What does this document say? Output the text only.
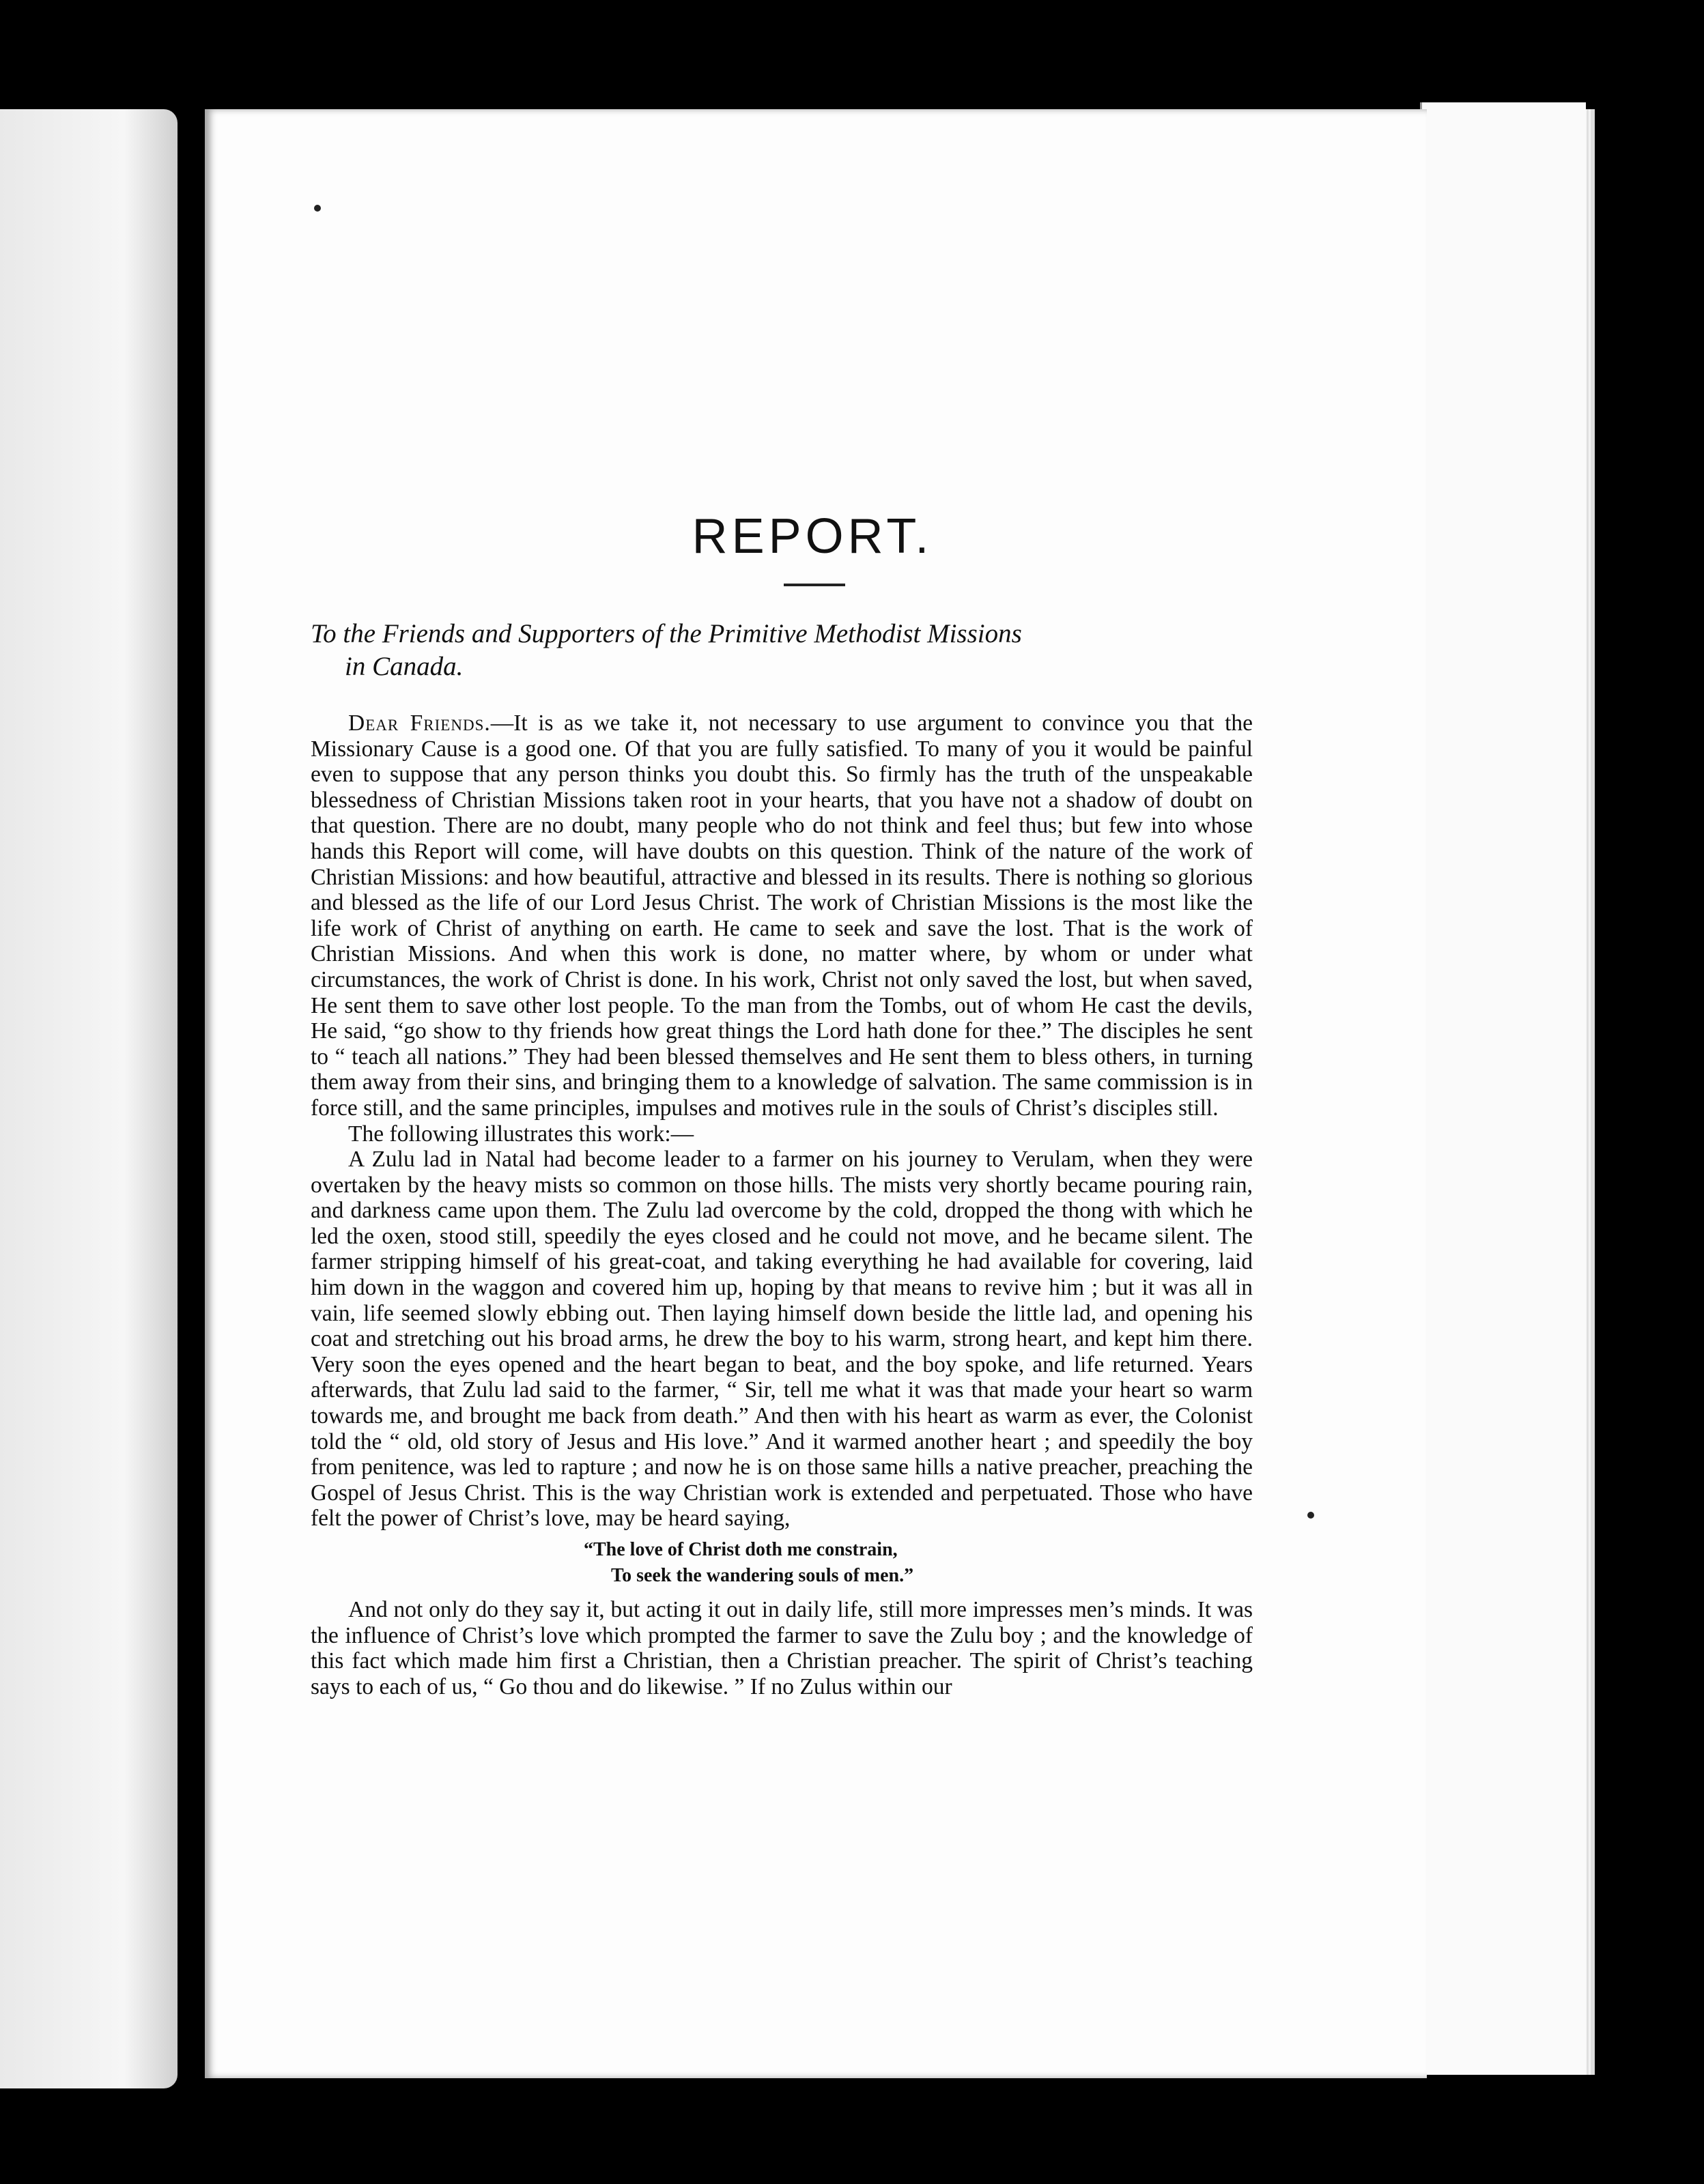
REPORT.

To the Friends and Supporters of the Primitive Methodist Missions
in Canada.

Dear Friends.—It is as we take it, not necessary to use argument to convince you that the Missionary Cause is a good one. Of that you are fully satisfied. To many of you it would be painful even to suppose that any person thinks you doubt this. So firmly has the truth of the unspeakable blessedness of Christian Missions taken root in your hearts, that you have not a shadow of doubt on that question. There are no doubt, many people who do not think and feel thus; but few into whose hands this Report will come, will have doubts on this question. Think of the nature of the work of Christian Missions: and how beautiful, attractive and blessed in its results. There is nothing so glorious and blessed as the life of our Lord Jesus Christ. The work of Christian Missions is the most like the life work of Christ of anything on earth. He came to seek and save the lost. That is the work of Christian Missions. And when this work is done, no matter where, by whom or under what circumstances, the work of Christ is done. In his work, Christ not only saved the lost, but when saved, He sent them to save other lost people. To the man from the Tombs, out of whom He cast the devils, He said, “go show to thy friends how great things the Lord hath done for thee.” The disciples he sent to “ teach all nations.” They had been blessed themselves and He sent them to bless others, in turning them away from their sins, and bringing them to a knowledge of salvation. The same commission is in force still, and the same principles, impulses and motives rule in the souls of Christ’s disciples still.

The following illustrates this work:—

A Zulu lad in Natal had become leader to a farmer on his journey to Verulam, when they were overtaken by the heavy mists so common on those hills. The mists very shortly became pouring rain, and darkness came upon them. The Zulu lad overcome by the cold, dropped the thong with which he led the oxen, stood still, speedily the eyes closed and he could not move, and he became silent. The farmer stripping himself of his great-coat, and taking everything he had available for covering, laid him down in the waggon and covered him up, hoping by that means to revive him ; but it was all in vain, life seemed slowly ebbing out. Then laying himself down beside the little lad, and opening his coat and stretching out his broad arms, he drew the boy to his warm, strong heart, and kept him there. Very soon the eyes opened and the heart began to beat, and the boy spoke, and life returned. Years afterwards, that Zulu lad said to the farmer, “ Sir, tell me what it was that made your heart so warm towards me, and brought me back from death.” And then with his heart as warm as ever, the Colonist told the “ old, old story of Jesus and His love.” And it warmed another heart ; and speedily the boy from penitence, was led to rapture ; and now he is on those same hills a native preacher, preaching the Gospel of Jesus Christ. This is the way Christian work is extended and perpetuated. Those who have felt the power of Christ’s love, may be heard saying,

“The love of Christ doth me constrain,
To seek the wandering souls of men.”

And not only do they say it, but acting it out in daily life, still more impresses men’s minds. It was the influence of Christ’s love which prompted the farmer to save the Zulu boy ; and the knowledge of this fact which made him first a Christian, then a Christian preacher. The spirit of Christ’s teaching says to each of us, “ Go thou and do likewise. ” If no Zulus within our
